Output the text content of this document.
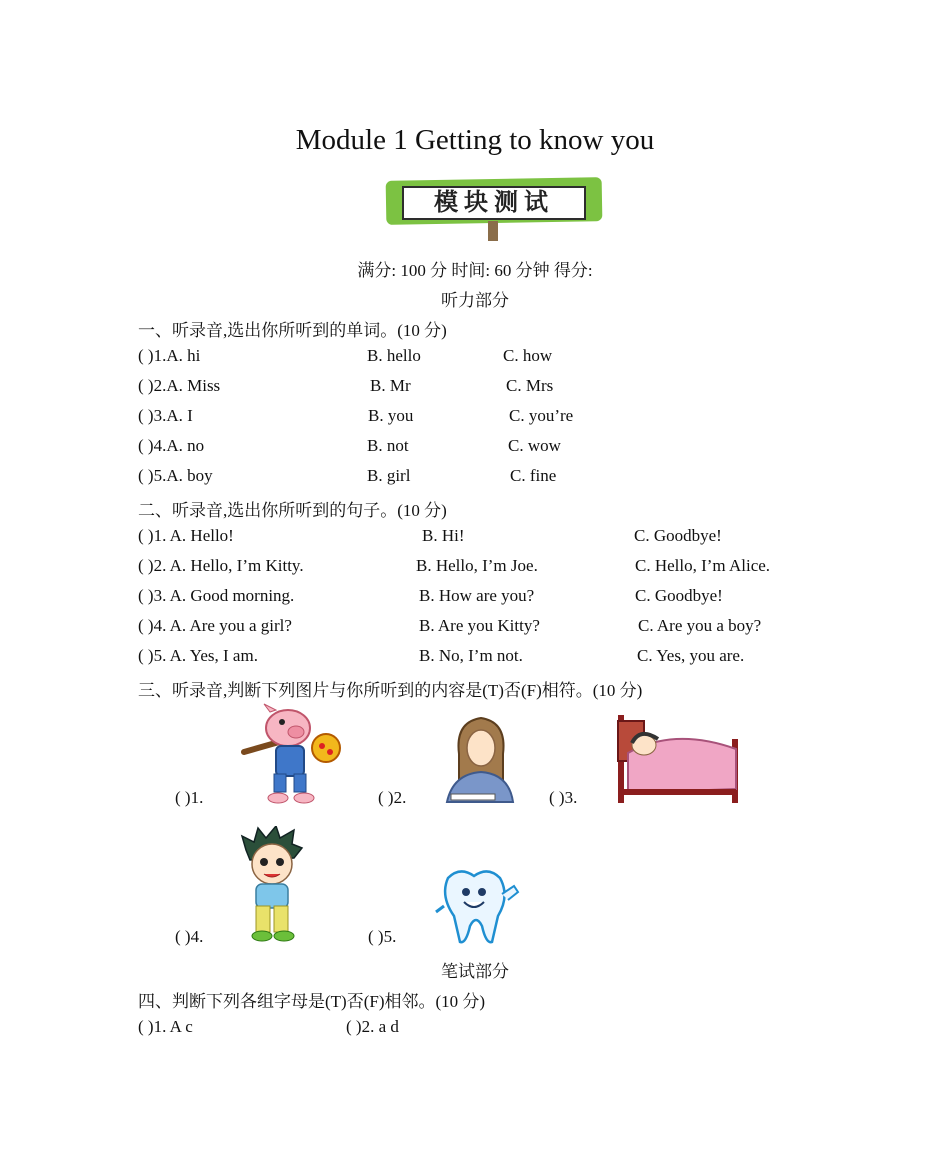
Module 1 Getting to know you
模块测试
满分: 100 分 时间: 60 分钟 得分:
听力部分
一、听录音,选出你所听到的单词。(10 分)
( )1.A. hi	B. hello	C. how
( )2.A. Miss	B. Mr	C. Mrs
( )3.A. I	B. you	C. you’re
( )4.A. no	B. not	C. wow
( )5.A. boy	B. girl	C. fine
二、听录音,选出你所听到的句子。(10 分)
( )1. A. Hello!	B. Hi!	C. Goodbye!
( )2. A. Hello, I’m Kitty.	B. Hello, I’m Joe.	C. Hello, I’m Alice.
( )3. A. Good morning.	B. How are you?	C. Goodbye!
( )4. A. Are you a girl?	B. Are you Kitty?	C. Are you a boy?
( )5. A. Yes, I am.	B. No, I’m not.	C. Yes, you are.
三、听录音,判断下列图片与你所听到的内容是(T)否(F)相符。(10 分)
( )1.	( )2.	( )3.
( )4.	( )5.
笔试部分
四、判断下列各组字母是(T)否(F)相邻。(10 分)
( )1. A c	( )2. a d
